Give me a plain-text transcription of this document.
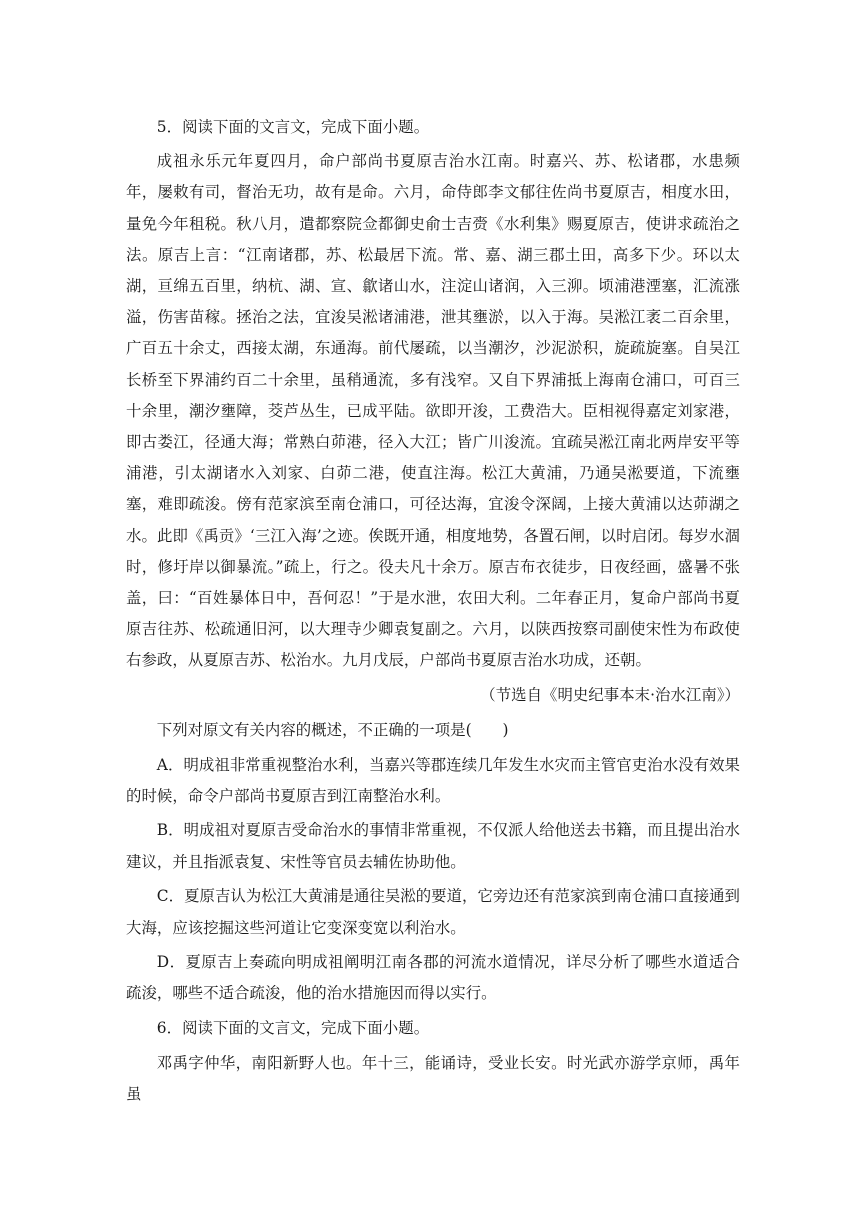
5．阅读下面的文言文，完成下面小题。

成祖永乐元年夏四月，命户部尚书夏原吉治水江南。时嘉兴、苏、松诸郡，水患频年，屡敕有司，督治无功，故有是命。六月，命侍郎李文郁往佐尚书夏原吉，相度水田，量免今年租税。秋八月，遣都察院佥都御史俞士吉赍《水利集》赐夏原吉，使讲求疏治之法。原吉上言：“江南诸郡，苏、松最居下流。常、嘉、湖三郡土田，高多下少。环以太湖，亘绵五百里，纳杭、湖、宣、歙诸山水，注淀山诸润，入三泖。顷浦港湮塞，汇流涨溢，伤害苗稼。拯治之法，宜浚吴淞诸浦港，泄其壅淤，以入于海。吴淞江袤二百余里，广百五十余丈，西接太湖，东通海。前代屡疏，以当潮汐，沙泥淤积，旋疏旋塞。自吴江长桥至下界浦约百二十余里，虽稍通流，多有浅窄。又自下界浦抵上海南仓浦口，可百三十余里，潮汐壅障，茭芦丛生，已成平陆。欲即开浚，工费浩大。臣相视得嘉定刘家港，即古娄江，径通大海；常熟白茆港，径入大江；皆广川浚流。宜疏吴淞江南北两岸安平等浦港，引太湖诸水入刘家、白茆二港，使直注海。松江大黄浦，乃通吴淞要道，下流壅塞，难即疏浚。傍有范家滨至南仓浦口，可径达海，宜浚令深阔，上接大黄浦以达茆湖之水。此即《禹贡》‘三江入海’之迹。俟既开通，相度地势，各置石闸，以时启闭。每岁水涸时，修圩岸以御暴流。”疏上，行之。役夫凡十余万。原吉布衣徒步，日夜经画，盛暑不张盖，曰：“百姓暴体日中，吾何忍！”于是水泄，农田大利。二年春正月，复命户部尚书夏原吉往苏、松疏通旧河，以大理寺少卿袁复副之。六月，以陕西按察司副使宋性为布政使右参政，从夏原吉苏、松治水。九月戊辰，户部尚书夏原吉治水功成，还朝。

（节选自《明史纪事本末·治水江南》）

下列对原文有关内容的概述，不正确的一项是(　　)

A．明成祖非常重视整治水利，当嘉兴等郡连续几年发生水灾而主管官吏治水没有效果的时候，命令户部尚书夏原吉到江南整治水利。

B．明成祖对夏原吉受命治水的事情非常重视，不仅派人给他送去书籍，而且提出治水建议，并且指派袁复、宋性等官员去辅佐协助他。

C．夏原吉认为松江大黄浦是通往吴淞的要道，它旁边还有范家滨到南仓浦口直接通到大海，应该挖掘这些河道让它变深变宽以利治水。

D．夏原吉上奏疏向明成祖阐明江南各郡的河流水道情况，详尽分析了哪些水道适合疏浚，哪些不适合疏浚，他的治水措施因而得以实行。

6．阅读下面的文言文，完成下面小题。

邓禹字仲华，南阳新野人也。年十三，能诵诗，受业长安。时光武亦游学京师，禹年虽
